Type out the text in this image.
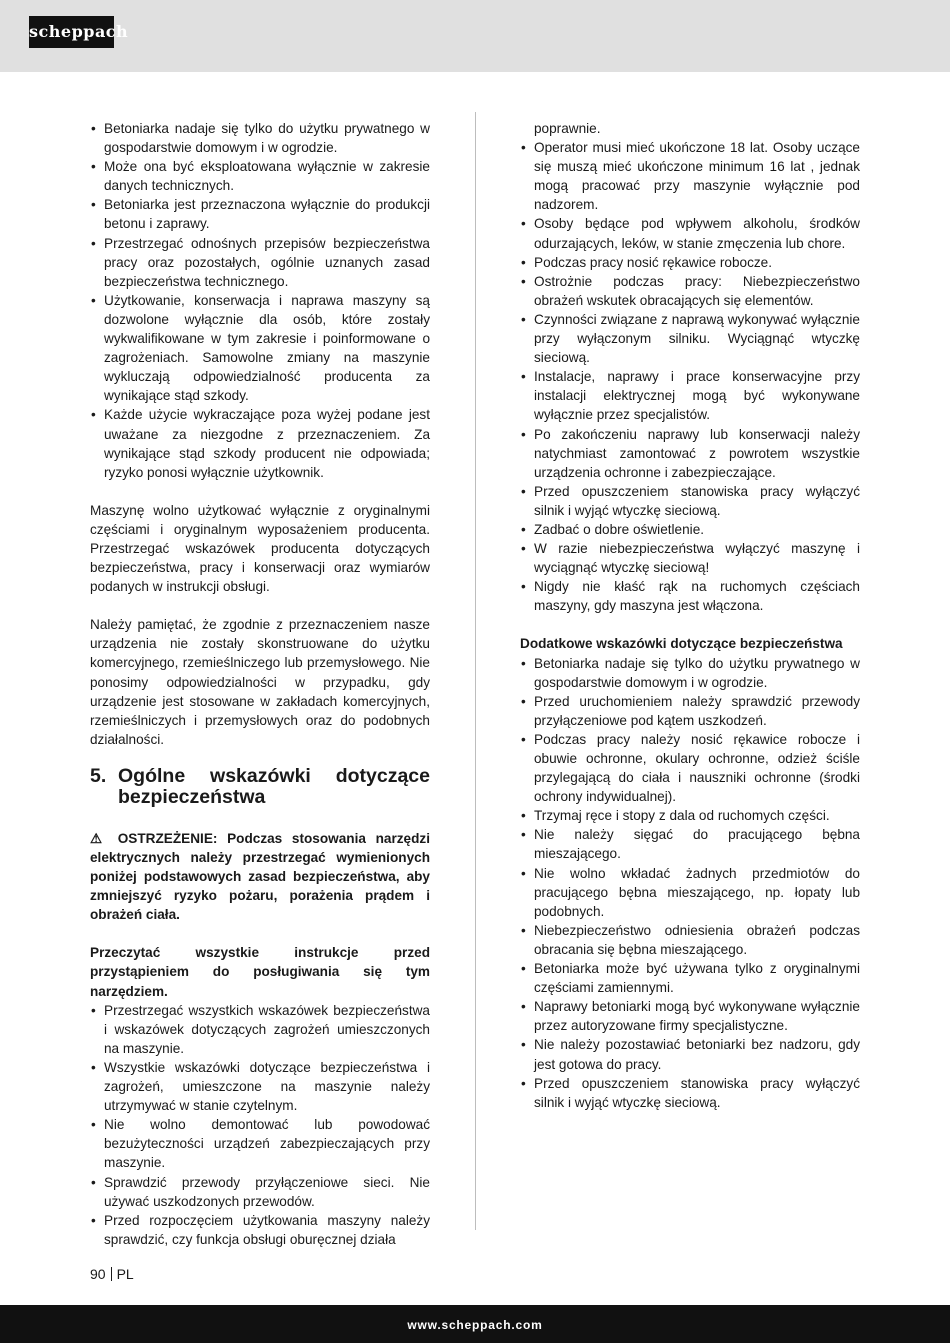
scheppach
• Betoniarka nadaje się tylko do użytku prywatnego w gospodarstwie domowym i w ogrodzie.
• Może ona być eksploatowana wyłącznie w zakresie danych technicznych.
• Betoniarka jest przeznaczona wyłącznie do produkcji betonu i zaprawy.
• Przestrzegać odnośnych przepisów bezpieczeństwa pracy oraz pozostałych, ogólnie uznanych zasad bezpieczeństwa technicznego.
• Użytkowanie, konserwacja i naprawa maszyny są dozwolone wyłącznie dla osób, które zostały wykwalifikowane w tym zakresie i poinformowane o zagrożeniach. Samowolne zmiany na maszynie wykluczają odpowiedzialność producenta za wynikające stąd szkody.
• Każde użycie wykraczające poza wyżej podane jest uważane za niezgodne z przeznaczeniem. Za wynikające stąd szkody producent nie odpowiada; ryzyko ponosi wyłącznie użytkownik.

Maszynę wolno użytkować wyłącznie z oryginalnymi częściami i oryginalnym wyposażeniem producenta. Przestrzegać wskazówek producenta dotyczących bezpieczeństwa, pracy i konserwacji oraz wymiarów podanych w instrukcji obsługi.

Należy pamiętać, że zgodnie z przeznaczeniem nasze urządzenia nie zostały skonstruowane do użytku komercyjnego, rzemieślniczego lub przemysłowego. Nie ponosimy odpowiedzialności w przypadku, gdy urządzenie jest stosowane w zakładach komercyjnych, rzemieślniczych i przemysłowych oraz do podobnych działalności.

5. Ogólne wskazówki dotyczące
bezpieczeństwa

⚠ OSTRZEŻENIE: Podczas stosowania narzędzi elektrycznych należy przestrzegać wymienionych poniżej podstawowych zasad bezpieczeństwa, aby zmniejszyć ryzyko pożaru, porażenia prądem i obrażeń ciała.

Przeczytać wszystkie instrukcje przed przystąpieniem do posługiwania się tym narzędziem.

• Przestrzegać wszystkich wskazówek bezpieczeństwa i wskazówek dotyczących zagrożeń umieszczonych na maszynie.
• Wszystkie wskazówki dotyczące bezpieczeństwa i zagrożeń, umieszczone na maszynie należy utrzymywać w stanie czytelnym.
• Nie wolno demontować lub powodować bezużyteczności urządzeń zabezpieczających przy maszynie.
• Sprawdzić przewody przyłączeniowe sieci. Nie używać uszkodzonych przewodów.
• Przed rozpoczęciem użytkowania maszyny należy sprawdzić, czy funkcja obsługi oburęcznej działa

poprawnie.

• Operator musi mieć ukończone 18 lat. Osoby uczące się muszą mieć ukończone minimum 16 lat , jednak mogą pracować przy maszynie wyłącznie pod nadzorem.
• Osoby będące pod wpływem alkoholu, środków odurzających, leków, w stanie zmęczenia lub chore.
• Podczas pracy nosić rękawice robocze.
• Ostrożnie podczas pracy: Niebezpieczeństwo obrażeń wskutek obracających się elementów.
• Czynności związane z naprawą wykonywać wyłącznie przy wyłączonym silniku. Wyciągnąć wtyczkę sieciową.
• Instalacje, naprawy i prace konserwacyjne przy instalacji elektrycznej mogą być wykonywane wyłącznie przez specjalistów.
• Po zakończeniu naprawy lub konserwacji należy natychmiast zamontować z powrotem wszystkie urządzenia ochronne i zabezpieczające.
• Przed opuszczeniem stanowiska pracy wyłączyć silnik i wyjąć wtyczkę sieciową.
• Zadbać o dobre oświetlenie.
• W razie niebezpieczeństwa wyłączyć maszynę i wyciągnąć wtyczkę sieciową!
• Nigdy nie kłaść rąk na ruchomych częściach maszyny, gdy maszyna jest włączona.

Dodatkowe wskazówki dotyczące bezpieczeństwa

• Betoniarka nadaje się tylko do użytku prywatnego w gospodarstwie domowym i w ogrodzie.
• Przed uruchomieniem należy sprawdzić przewody przyłączeniowe pod kątem uszkodzeń.
• Podczas pracy należy nosić rękawice robocze i obuwie ochronne, okulary ochronne, odzież ściśle przylegającą do ciała i nauszniki ochronne (środki ochrony indywidualnej).
• Trzymaj ręce i stopy z dala od ruchomych części.
• Nie należy sięgać do pracującego bębna mieszającego.
• Nie wolno wkładać żadnych przedmiotów do pracującego bębna mieszającego, np. łopaty lub podobnych.
• Niebezpieczeństwo odniesienia obrażeń podczas obracania się bębna mieszającego.
• Betoniarka może być używana tylko z oryginalnymi częściami zamiennymi.
• Naprawy betoniarki mogą być wykonywane wyłącznie przez autoryzowane firmy specjalistyczne.
• Nie należy pozostawiać betoniarki bez nadzoru, gdy jest gotowa do pracy.
• Przed opuszczeniem stanowiska pracy wyłączyć silnik i wyjąć wtyczkę sieciową.
90 PL
www.scheppach.com
